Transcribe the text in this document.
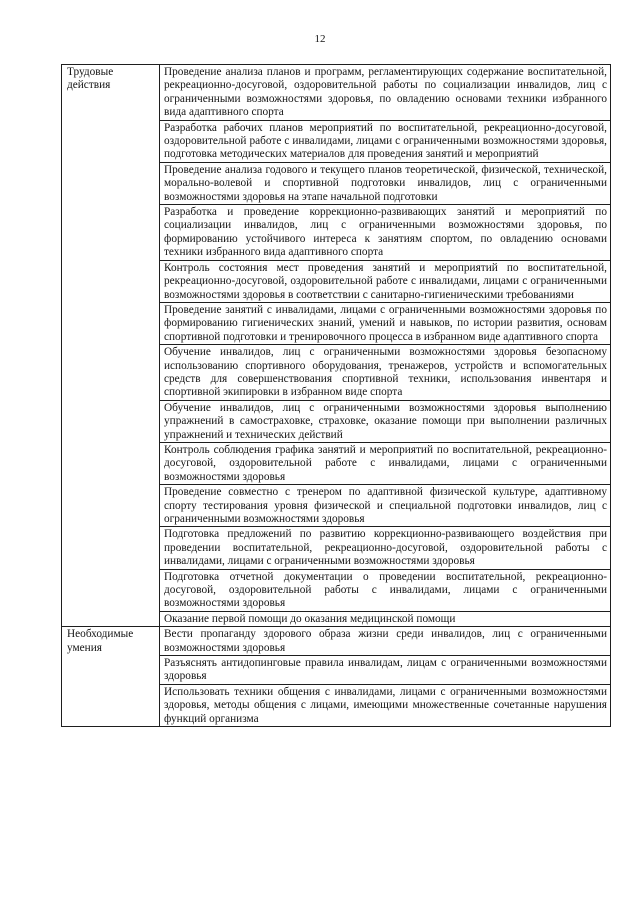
12
Трудовые действия	Проведение анализа планов и программ, регламентирующих содержание воспитательной, рекреационно-досуговой, оздоровительной работы по социализации инвалидов, лиц с ограниченными возможностями здоровья, по овладению основами техники избранного вида адаптивного спорта
	Разработка рабочих планов мероприятий по воспитательной, рекреационно-досуговой, оздоровительной работе с инвалидами, лицами с ограниченными возможностями здоровья, подготовка методических материалов для проведения занятий и мероприятий
	Проведение анализа годового и текущего планов теоретической, физической, технической, морально-волевой и спортивной подготовки инвалидов, лиц с ограниченными возможностями здоровья на этапе начальной подготовки
	Разработка и проведение коррекционно-развивающих занятий и мероприятий по социализации инвалидов, лиц с ограниченными возможностями здоровья, по формированию устойчивого интереса к занятиям спортом, по овладению основами техники избранного вида адаптивного спорта
	Контроль состояния мест проведения занятий и мероприятий по воспитательной, рекреационно-досуговой, оздоровительной работе с инвалидами, лицами с ограниченными возможностями здоровья в соответствии с санитарно-гигиеническими требованиями
	Проведение занятий с инвалидами, лицами с ограниченными возможностями здоровья по формированию гигиенических знаний, умений и навыков, по истории развития, основам спортивной подготовки и тренировочного процесса в избранном виде адаптивного спорта
	Обучение инвалидов, лиц с ограниченными возможностями здоровья безопасному использованию спортивного оборудования, тренажеров, устройств и вспомогательных средств для совершенствования спортивной техники, использования инвентаря и спортивной экипировки в избранном виде спорта
	Обучение инвалидов, лиц с ограниченными возможностями здоровья выполнению упражнений в самостраховке, страховке, оказание помощи при выполнении различных упражнений и технических действий
	Контроль соблюдения графика занятий и мероприятий по воспитательной, рекреационно-досуговой, оздоровительной работе с инвалидами, лицами с ограниченными возможностями здоровья
	Проведение совместно с тренером по адаптивной физической культуре, адаптивному спорту тестирования уровня физической и специальной подготовки инвалидов, лиц с ограниченными возможностями здоровья
	Подготовка предложений по развитию коррекционно-развивающего воздействия при проведении воспитательной, рекреационно-досуговой, оздоровительной работы с инвалидами, лицами с ограниченными возможностями здоровья
	Подготовка отчетной документации о проведении воспитательной, рекреационно-досуговой, оздоровительной работы с инвалидами, лицами с ограниченными возможностями здоровья
	Оказание первой помощи до оказания медицинской помощи
Необходимые умения	Вести пропаганду здорового образа жизни среди инвалидов, лиц с ограниченными возможностями здоровья
	Разъяснять антидопинговые правила инвалидам, лицам с ограниченными возможностями здоровья
	Использовать техники общения с инвалидами, лицами с ограниченными возможностями здоровья, методы общения с лицами, имеющими множественные сочетанные нарушения функций организма
